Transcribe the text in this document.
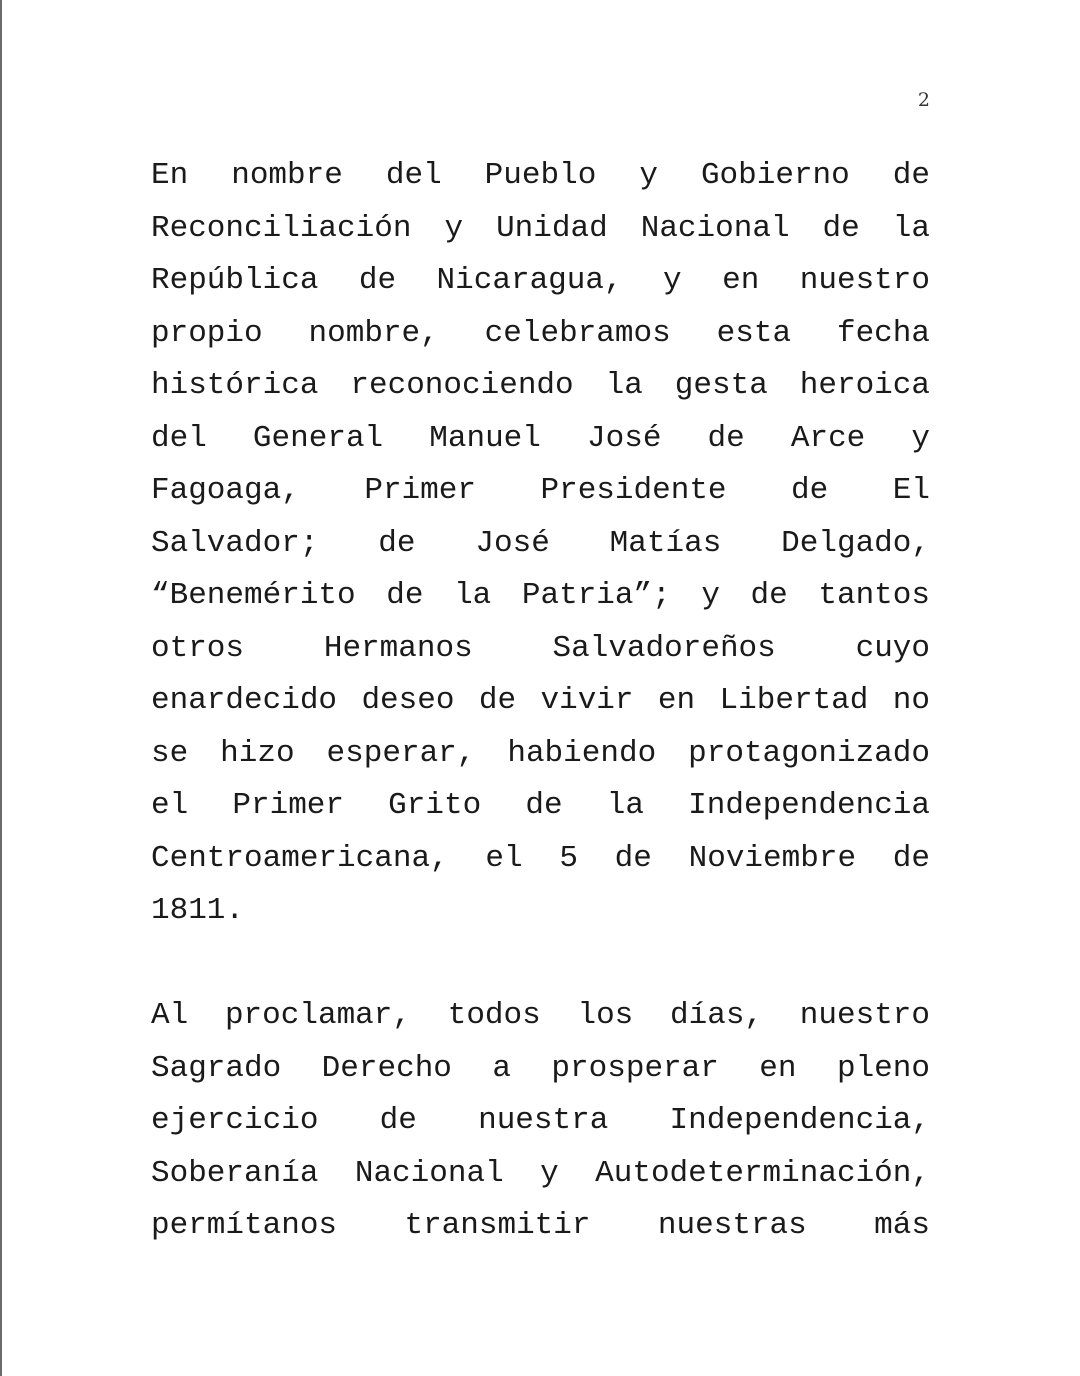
2

En nombre del Pueblo y Gobierno de Reconciliación y Unidad Nacional de la República de Nicaragua, y en nuestro propio nombre, celebramos esta fecha histórica reconociendo la gesta heroica del General Manuel José de Arce y Fagoaga, Primer Presidente de El Salvador; de José Matías Delgado, “Benemérito de la Patria”; y de tantos otros Hermanos Salvadoreños cuyo enardecido deseo de vivir en Libertad no se hizo esperar, habiendo protagonizado el Primer Grito de la Independencia Centroamericana, el 5 de Noviembre de 1811.

Al proclamar, todos los días, nuestro Sagrado Derecho a prosperar en pleno ejercicio de nuestra Independencia, Soberanía Nacional y Autodeterminación, permítanos transmitir nuestras más
